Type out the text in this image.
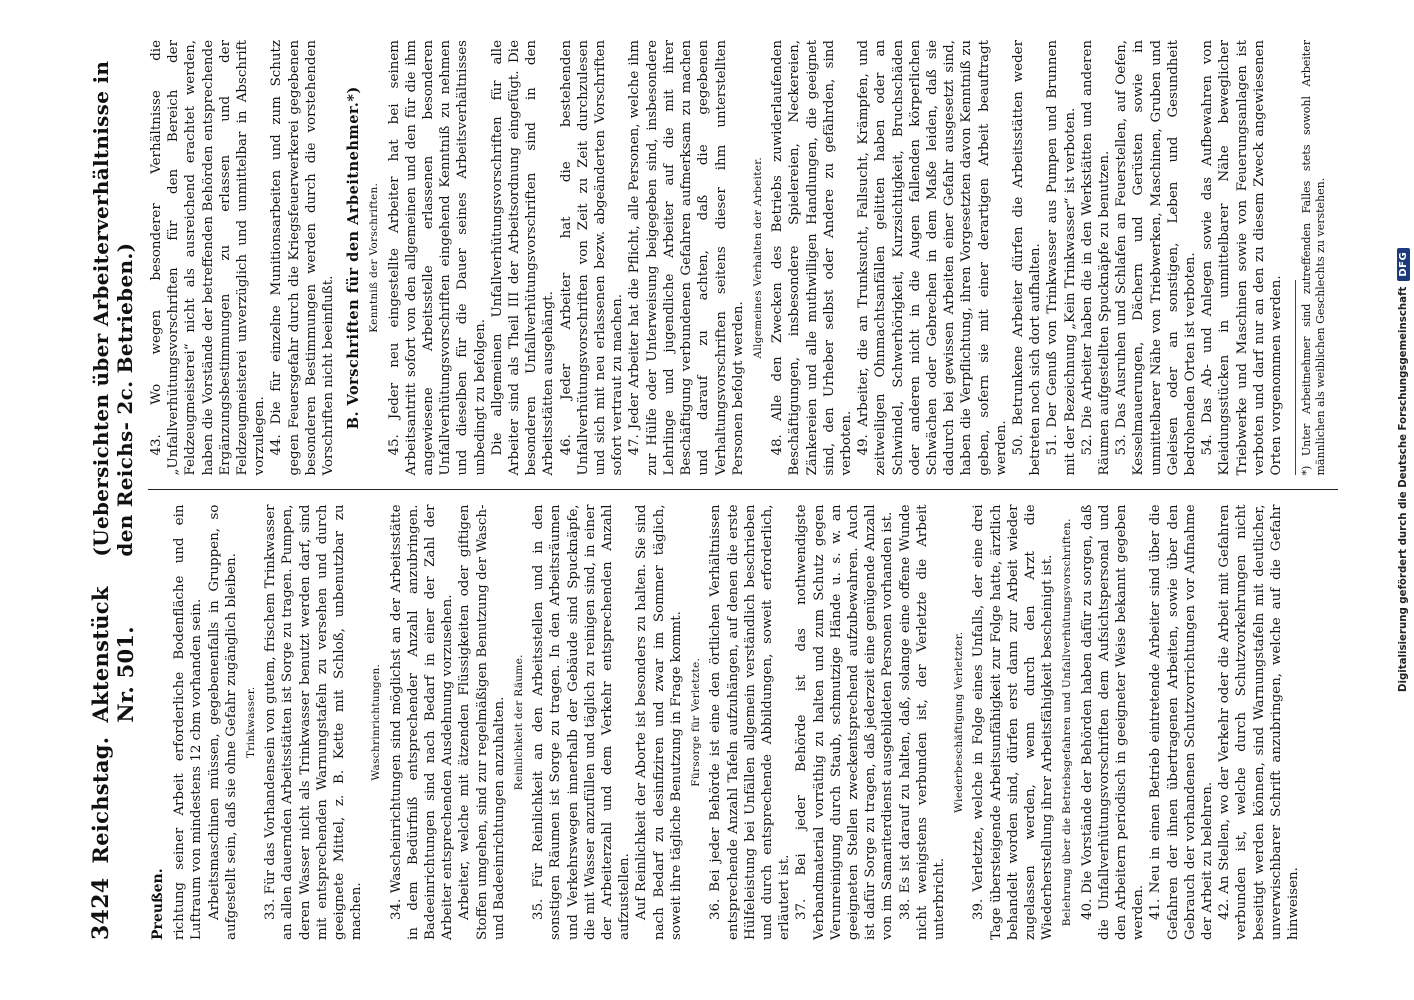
3424
Reichstag.
Aktenstück Nr. 501.
(Uebersichten über Arbeiterverhältnisse in den Reichs- 2c. Betrieben.)
Preußen. richtung seiner Arbeit erforderliche Bodenfläche und ein Luftraum von mindestens 12 cbm vorhanden sein. Arbeitsmaschinen müssen, gegebenenfalls in Gruppen, so aufgestellt sein, daß sie ohne Gefahr zugänglich bleiben. Trinkwasser. 33. Für das Vorhandensein von gutem, frischem Trinkwasser an allen dauernden Arbeitsstätten ist Sorge zu tragen. Pumpen, deren Wasser nicht als Trinkwasser benutzt werden darf, sind mit entsprechenden Warnungstafeln zu versehen und durch geeignete Mittel, z. B. Kette mit Schloß, unbenutzbar zu machen.

Waschrinrichtungen. 34. Wascheinrichtungen sind möglichst an der Arbeitsstätte in dem Bedürfniß entsprechender Anzahl anzubringen. Badeeinrichtungen sind nach Bedarf in einer der Zahl der Arbeiter entsprechenden Ausdehnung vorzusehen. Arbeiter, welche mit ätzenden Flüssigkeiten oder giftigen Stoffen umgehen, sind zur regelmäßigen Benutzung der Wasch- und Badeeinrichtungen anzuhalten. Reinlichkeit der Räume. 35. Für Reinlichkeit an den Arbeitsstellen und in den sonstigen Räumen ist Sorge zu tragen. In den Arbeitsräumen und Verkehrswegen innerhalb der Gebäude sind Spucknäpfe, die mit Wasser anzufüllen und täglich zu reinigen sind, in einer der Arbeiterzahl und dem Verkehr entsprechenden Anzahl aufzustellen. Auf Reinlichkeit der Aborte ist besonders zu halten. Sie sind nach Bedarf zu desinfiziren und zwar im Sommer täglich, soweit ihre tägliche Benutzung in Frage kommt. Fürsorge für Verletzte. 36. Bei jeder Behörde ist eine den örtlichen Verhältnissen entsprechende Anzahl Tafeln aufzuhängen, auf denen die erste Hülfeleistung bei Unfällen allgemein verständlich beschrieben und durch entsprechende Abbildungen, soweit erforderlich, erläutert ist. 37. Bei jeder Behörde ist das nothwendigste Verbandmaterial vorräthig zu halten und zum Schutz gegen Verunreinigung durch Staub, schmutzige Hände u. s. w. an geeigneten Stellen zweckentsprechend aufzubewahren. Auch ist dafür Sorge zu tragen, daß jederzeit eine genügende Anzahl von im Samariterdienst ausgebildeten Personen vorhanden ist. 38. Es ist darauf zu halten, daß, solange eine offene Wunde nicht wenigstens verbunden ist, der Verletzte die Arbeit unterbricht.

Wiederbeschäftigung Verletzter. 39. Verletzte, welche in Folge eines Unfalls, der eine drei Tage übersteigende Arbeitsunfähigkeit zur Folge hatte, ärztlich behandelt worden sind, dürfen erst dann zur Arbeit wieder zugelassen werden, wenn durch den Arzt die Wiederherstellung ihrer Arbeitsfähigkeit bescheinigt ist. Belehrung über die Betriebsgefahren und Unfallverhütungsvorschriften. 40. Die Vorstände der Behörden haben dafür zu sorgen, daß die Unfallverhütungsvorschriften dem Aufsichtspersonal und den Arbeitern periodisch in geeigneter Weise bekannt gegeben werden. 41. Neu in einen Betrieb eintretende Arbeiter sind über die Gefahren der ihnen übertragenen Arbeiten, sowie über den Gebrauch der vorhandenen Schutzvorrichtungen vor Aufnahme der Arbeit zu belehren. 42. An Stellen, wo der Verkehr oder die Arbeit mit Gefahren verbunden ist, welche durch Schutzvorkehrungen nicht beseitigt werden können, sind Warnungstafeln mit deutlicher, unverwischbarer Schrift anzubringen, welche auf die Gefahr hinweisen.

43. Wo wegen besonderer Verhältnisse die „Unfallverhütungsvorschriften für den Bereich der Feldzeugmeisterei“ nicht als ausreichend erachtet werden, haben die Vorstände der betreffenden Behörden entsprechende Ergänzungsbestimmungen zu erlassen und der Feldzeugmeisterei unverzüglich und unmittelbar in Abschrift vorzulegen. 44. Die für einzelne Munitionsarbeiten und zum Schutz gegen Feuersgefahr durch die Kriegsfeuerwerkerei gegebenen besonderen Bestimmungen werden durch die vorstehenden Vorschriften nicht beeinflußt. B. Vorschriften für den Arbeitnehmer.*) Kenntniß der Vorschriften. 45. Jeder neu eingestellte Arbeiter hat bei seinem Arbeitsantritt sofort von den allgemeinen und den für die ihm angewiesene Arbeitsstelle erlassenen besonderen Unfallverhütungsvorschriften eingehend Kenntniß zu nehmen und dieselben für die Dauer seines Arbeitsverhältnisses unbedingt zu befolgen. Die allgemeinen Unfallverhütungsvorschriften für alle Arbeiter sind als Theil III der Arbeitsordnung eingefügt. Die besonderen Unfallverhütungsvorschriften sind in den Arbeitsstätten ausgehängt. 46. Jeder Arbeiter hat die bestehenden Unfallverhütungsvorschriften von Zeit zu Zeit durchzulesen und sich mit neu erlassenen bezw. abgeänderten Vorschriften sofort vertraut zu machen. 47. Jeder Arbeiter hat die Pflicht, alle Personen, welche ihm zur Hülfe oder Unterweisung beigegeben sind, insbesondere Lehrlinge und jugendliche Arbeiter auf die mit ihrer Beschäftigung verbundenen Gefahren aufmerksam zu machen und darauf zu achten, daß die gegebenen Verhaltungsvorschriften seitens dieser ihm unterstellten Personen befolgt werden.

Allgemeines Verhalten der Arbeiter. 48. Alle den Zwecken des Betriebs zuwiderlaufenden Beschäftigungen, insbesondere Spielereien, Neckereien, Zänkereien und alle muthwilligen Handlungen, die geeignet sind, den Urheber selbst oder Andere zu gefährden, sind verboten. 49. Arbeiter, die an Trunksucht, Fallsucht, Krämpfen, und zeitweiligen Ohnmachtsanfällen gelitten haben oder an Schwindel, Schwerhörigkeit, Kurzsichtigkeit, Bruchschäden oder anderen nicht in die Augen fallenden körperlichen Schwächen oder Gebrechen in dem Maße leiden, daß sie dadurch bei gewissen Arbeiten einer Gefahr ausgesetzt sind, haben die Verpflichtung, ihren Vorgesetzten davon Kenntniß zu geben, sofern sie mit einer derartigen Arbeit beauftragt werden. 50. Betrunkene Arbeiter dürfen die Arbeitsstätten weder betreten noch sich dort aufhalten. 51. Der Genuß von Trinkwasser aus Pumpen und Brunnen mit der Bezeichnung „Kein Trinkwasser“ ist verboten. 52. Die Arbeiter haben die in den Werkstätten und anderen Räumen aufgestellten Spucknäpfe zu benutzen. 53. Das Ausruhen und Schlafen an Feuerstellen, auf Oefen, Kesselmauerungen, Dächern und Gerüsten sowie in unmittelbarer Nähe von Triebwerken, Maschinen, Gruben und Geleisen oder an sonstigen, Leben und Gesundheit bedrohenden Orten ist verboten. 54. Das Ab- und Anlegen sowie das Aufbewahren von Kleidungsstücken in unmittelbarer Nähe beweglicher Triebwerke und Maschinen sowie von Feuerungsanlagen ist verboten und darf nur an den zu diesem Zweck angewiesenen Orten vorgenommen werden. *) Unter Arbeitnehmer sind zutreffenden Falles stets sowohl Arbeiter männlichen als weiblichen Geschlechts zu verstehen.	Digitalisierung gefördert durch die Deutsche Forschungsgemeinschaft
DFG
